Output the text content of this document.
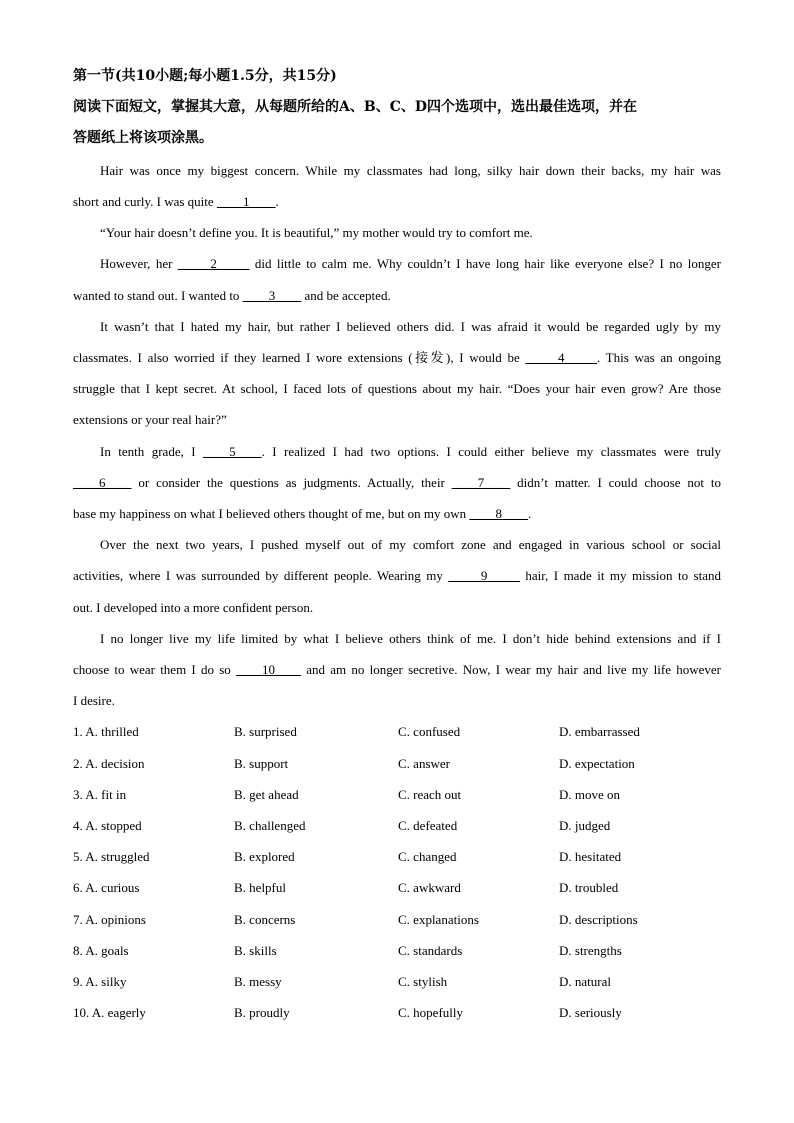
第一节(共10小题;每小题1.5分，共15分)
阅读下面短文，掌握其大意，从每题所给的A、B、C、D四个选项中，选出最佳选项，并在
答题纸上将该项涂黑。
Hair was once my biggest concern. While my classmates had long, silky hair down their backs, my hair was
short and curly. I was quite ____1____.
“Your hair doesn’t define you. It is beautiful,” my mother would try to comfort me.
However, her _____2_____ did little to calm me. Why couldn’t I have long hair like everyone else? I no longer
wanted to stand out. I wanted to ____3____ and be accepted.
It wasn’t that I hated my hair, but rather I believed others did. I was afraid it would be regarded ugly by my
classmates. I also worried if they learned I wore extensions (接发), I would be _____4_____. This was an ongoing
struggle that I kept secret. At school, I faced lots of questions about my hair. “Does your hair even grow? Are those
extensions or your real hair?”
In tenth grade, I ____5____. I realized I had two options. I could either believe my classmates were truly
____6____ or consider the questions as judgments. Actually, their ____7____ didn’t matter. I could choose not to
base my happiness on what I believed others thought of me, but on my own ____8____.
Over the next two years, I pushed myself out of my comfort zone and engaged in various school or social
activities, where I was surrounded by different people. Wearing my _____9_____ hair, I made it my mission to stand
out. I developed into a more confident person.
I no longer live my life limited by what I believe others think of me. I don’t hide behind extensions and if I
choose to wear them I do so ____10____ and am no longer secretive. Now, I wear my hair and live my life however
I desire.
1. A. thrilled	B. surprised	C. confused	D. embarrassed
2. A. decision	B. support	C. answer	D. expectation
3. A. fit in	B. get ahead	C. reach out	D. move on
4. A. stopped	B. challenged	C. defeated	D. judged
5. A. struggled	B. explored	C. changed	D. hesitated
6. A. curious	B. helpful	C. awkward	D. troubled
7. A. opinions	B. concerns	C. explanations	D. descriptions
8. A. goals	B. skills	C. standards	D. strengths
9. A. silky	B. messy	C. stylish	D. natural
10. A. eagerly	B. proudly	C. hopefully	D. seriously
